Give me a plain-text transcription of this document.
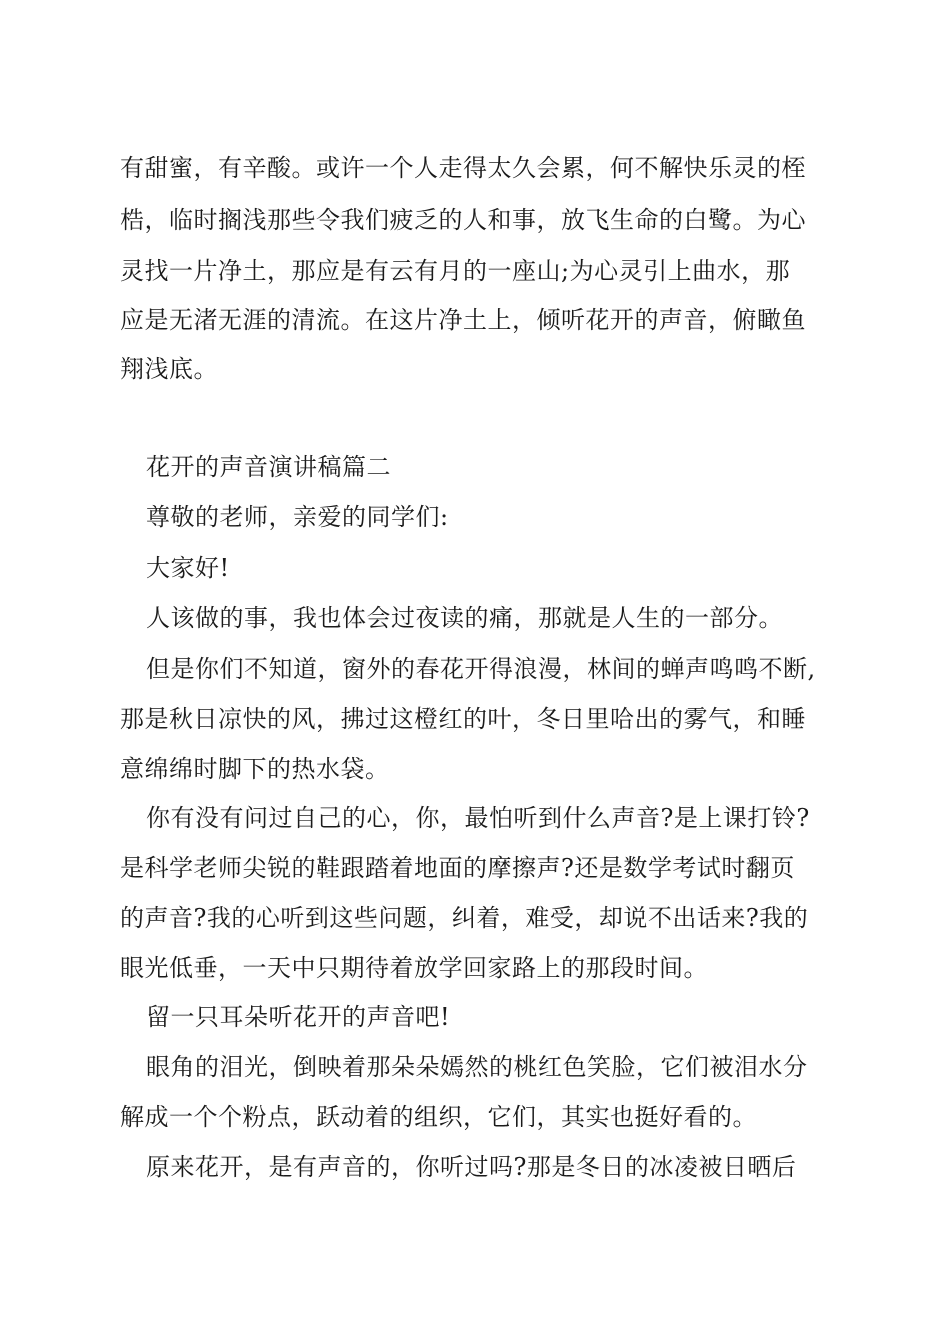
有甜蜜，有辛酸。或许一个人走得太久会累，何不解快乐灵的桎
梏，临时搁浅那些令我们疲乏的人和事，放飞生命的白鹭。为心
灵找一片净土，那应是有云有月的一座山;为心灵引上曲水，那
应是无渚无涯的清流。在这片净土上，倾听花开的声音，俯瞰鱼
翔浅底。
花开的声音演讲稿篇二
尊敬的老师，亲爱的同学们:
大家好!
人该做的事，我也体会过夜读的痛，那就是人生的一部分。
但是你们不知道，窗外的春花开得浪漫，林间的蝉声鸣鸣不断,
那是秋日凉快的风，拂过这橙红的叶，冬日里哈出的雾气，和睡
意绵绵时脚下的热水袋。
你有没有问过自己的心，你，最怕听到什么声音?是上课打铃?
是科学老师尖锐的鞋跟踏着地面的摩擦声?还是数学考试时翻页
的声音?我的心听到这些问题，纠着，难受，却说不出话来?我的
眼光低垂，一天中只期待着放学回家路上的那段时间。
留一只耳朵听花开的声音吧!
眼角的泪光，倒映着那朵朵嫣然的桃红色笑脸，它们被泪水分
解成一个个粉点，跃动着的组织，它们，其实也挺好看的。
原来花开，是有声音的，你听过吗?那是冬日的冰凌被日晒后
